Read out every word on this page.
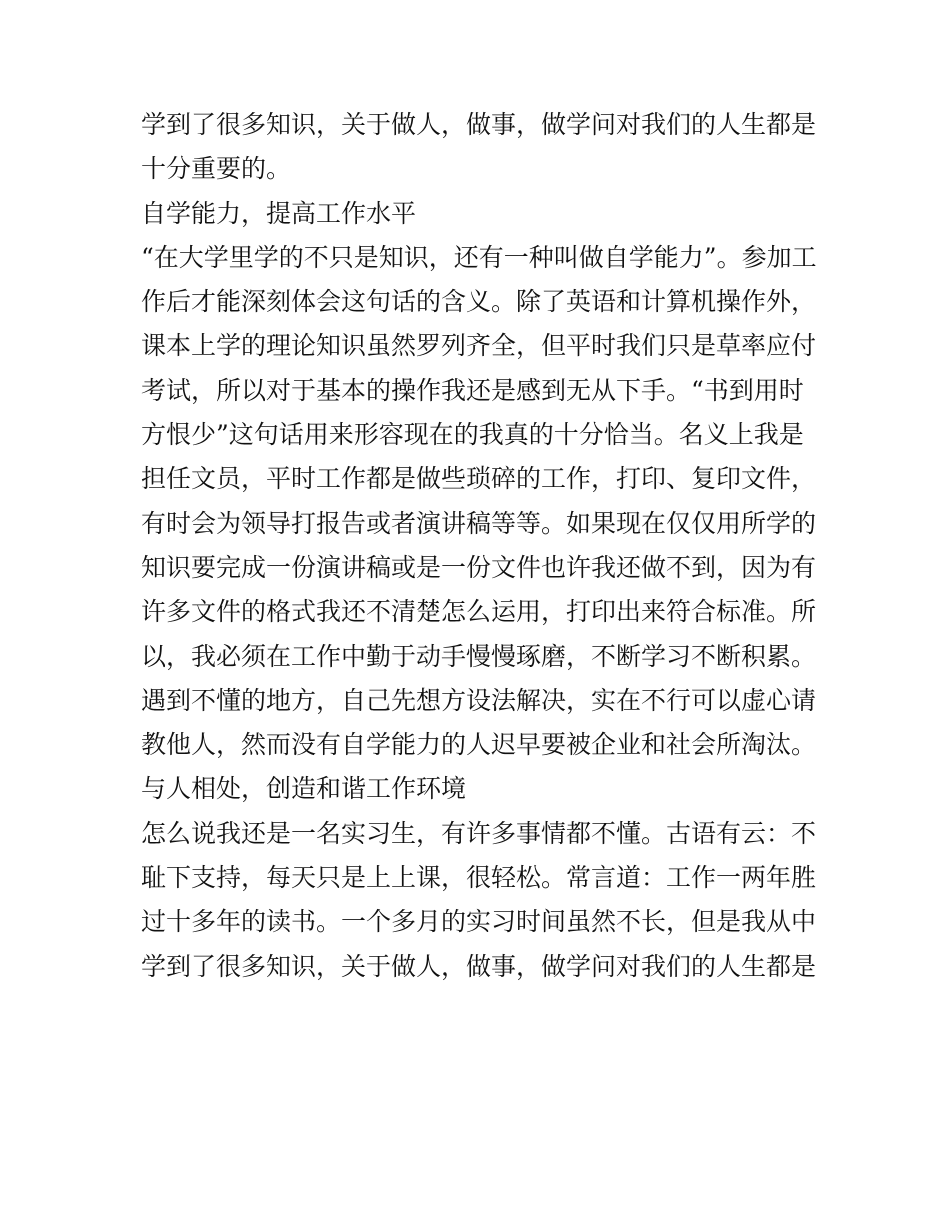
学到了很多知识，关于做人，做事，做学问对我们的人生都是
十分重要的。
自学能力，提高工作水平
“在大学里学的不只是知识，还有一种叫做自学能力”。参加工
作后才能深刻体会这句话的含义。除了英语和计算机操作外，
课本上学的理论知识虽然罗列齐全，但平时我们只是草率应付
考试，所以对于基本的操作我还是感到无从下手。“书到用时
方恨少”这句话用来形容现在的我真的十分恰当。名义上我是
担任文员，平时工作都是做些琐碎的工作，打印、复印文件，
有时会为领导打报告或者演讲稿等等。如果现在仅仅用所学的
知识要完成一份演讲稿或是一份文件也许我还做不到，因为有
许多文件的格式我还不清楚怎么运用，打印出来符合标准。所
以，我必须在工作中勤于动手慢慢琢磨，不断学习不断积累。
遇到不懂的地方，自己先想方设法解决，实在不行可以虚心请
教他人，然而没有自学能力的人迟早要被企业和社会所淘汰。
与人相处，创造和谐工作环境
怎么说我还是一名实习生，有许多事情都不懂。古语有云：不
耻下支持，每天只是上上课，很轻松。常言道：工作一两年胜
过十多年的读书。一个多月的实习时间虽然不长，但是我从中
学到了很多知识，关于做人，做事，做学问对我们的人生都是
